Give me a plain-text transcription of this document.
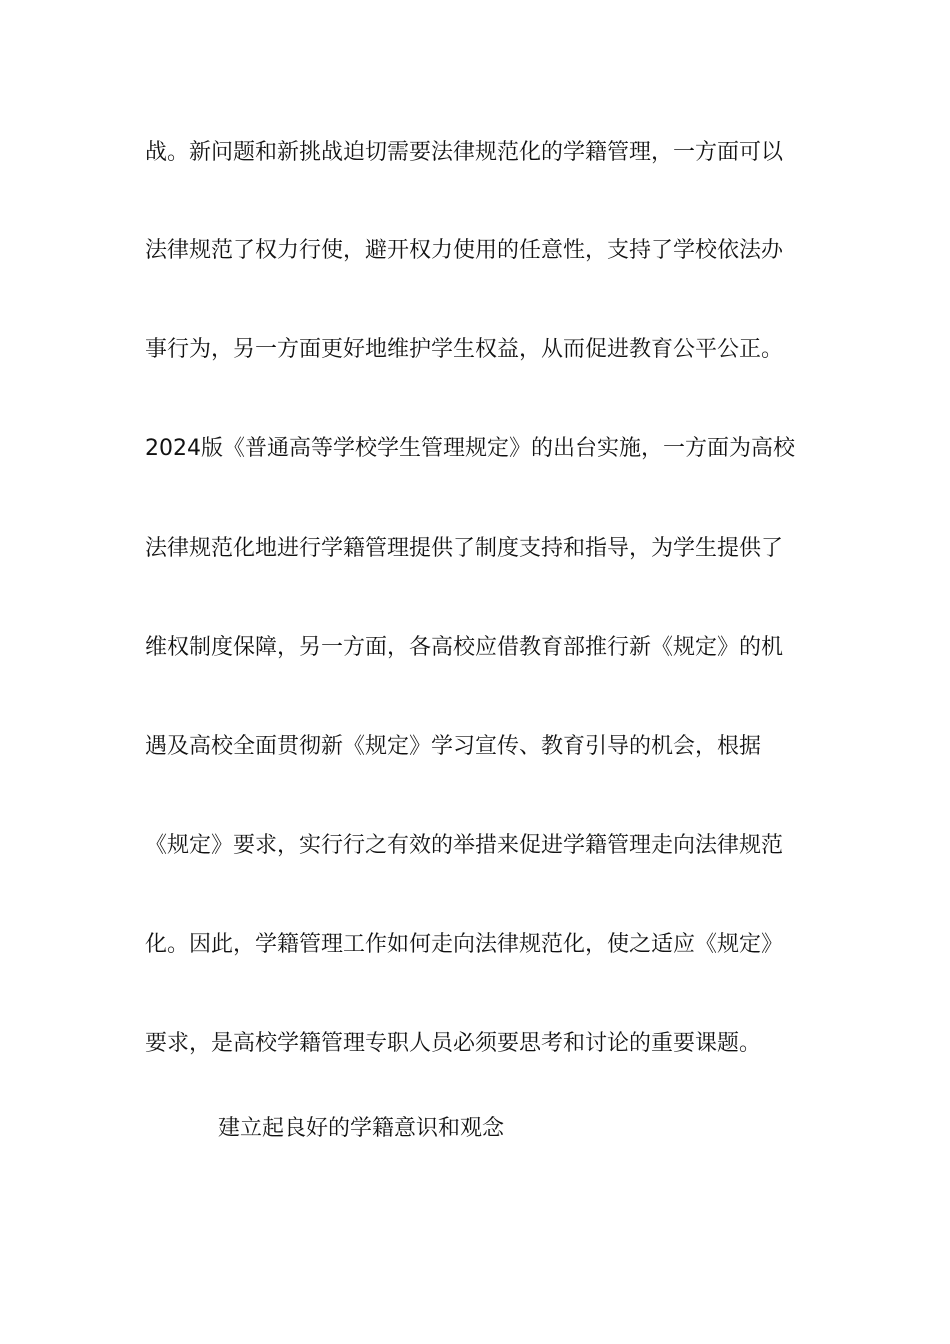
战。新问题和新挑战迫切需要法律规范化的学籍管理，一方面可以
法律规范了权力行使，避开权力使用的任意性，支持了学校依法办
事行为，另一方面更好地维护学生权益，从而促进教育公平公正。
2024版《普通高等学校学生管理规定》的出台实施，一方面为高校
法律规范化地进行学籍管理提供了制度支持和指导，为学生提供了
维权制度保障，另一方面，各高校应借教育部推行新《规定》的机
遇及高校全面贯彻新《规定》学习宣传、教育引导的机会，根据
《规定》要求，实行行之有效的举措来促进学籍管理走向法律规范
化。因此，学籍管理工作如何走向法律规范化，使之适应《规定》
要求，是高校学籍管理专职人员必须要思考和讨论的重要课题。
建立起良好的学籍意识和观念
